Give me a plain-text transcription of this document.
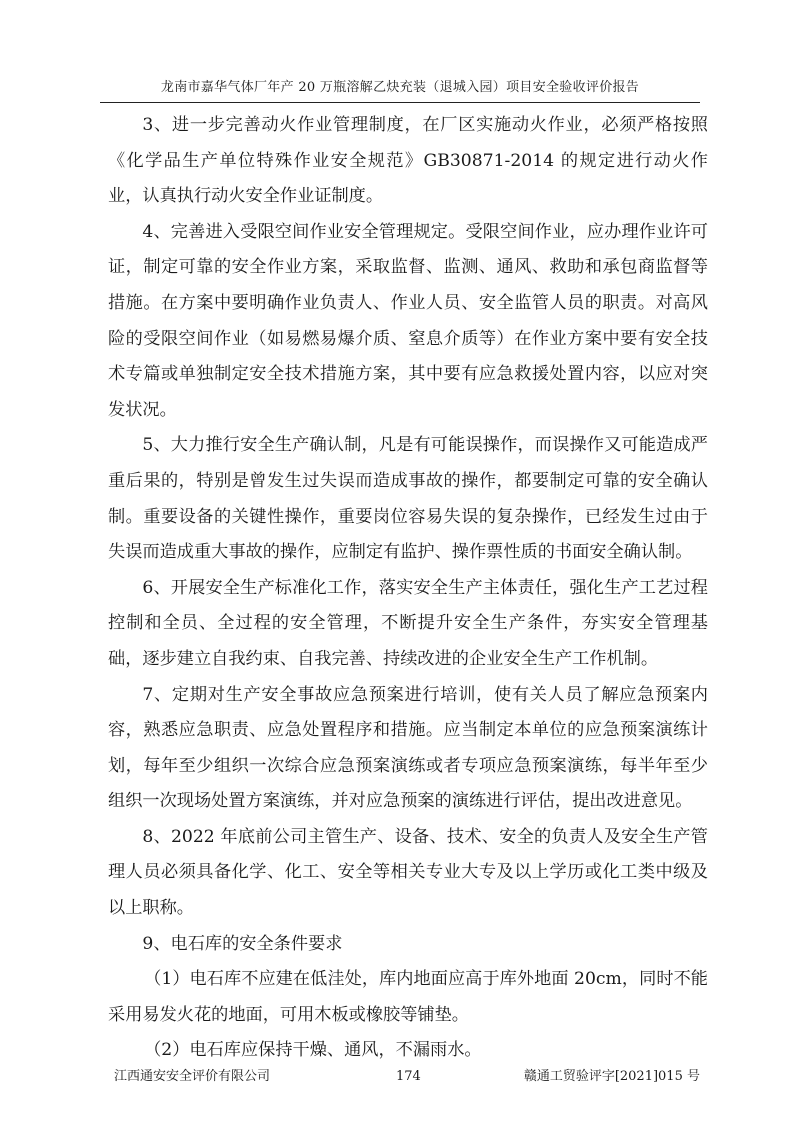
龙南市嘉华气体厂年产 20 万瓶溶解乙炔充装（退城入园）项目安全验收评价报告

3、进一步完善动火作业管理制度，在厂区实施动火作业，必须严格按照《化学品生产单位特殊作业安全规范》GB30871-2014 的规定进行动火作业，认真执行动火安全作业证制度。

4、完善进入受限空间作业安全管理规定。受限空间作业，应办理作业许可证，制定可靠的安全作业方案，采取监督、监测、通风、救助和承包商监督等措施。在方案中要明确作业负责人、作业人员、安全监管人员的职责。对高风险的受限空间作业（如易燃易爆介质、窒息介质等）在作业方案中要有安全技术专篇或单独制定安全技术措施方案，其中要有应急救援处置内容，以应对突发状况。

5、大力推行安全生产确认制，凡是有可能误操作，而误操作又可能造成严重后果的，特别是曾发生过失误而造成事故的操作，都要制定可靠的安全确认制。重要设备的关键性操作，重要岗位容易失误的复杂操作，已经发生过由于失误而造成重大事故的操作，应制定有监护、操作票性质的书面安全确认制。

6、开展安全生产标准化工作，落实安全生产主体责任，强化生产工艺过程控制和全员、全过程的安全管理，不断提升安全生产条件，夯实安全管理基础，逐步建立自我约束、自我完善、持续改进的企业安全生产工作机制。

7、定期对生产安全事故应急预案进行培训，使有关人员了解应急预案内容，熟悉应急职责、应急处置程序和措施。应当制定本单位的应急预案演练计划，每年至少组织一次综合应急预案演练或者专项应急预案演练，每半年至少组织一次现场处置方案演练，并对应急预案的演练进行评估，提出改进意见。

8、2022 年底前公司主管生产、设备、技术、安全的负责人及安全生产管理人员必须具备化学、化工、安全等相关专业大专及以上学历或化工类中级及以上职称。

9、电石库的安全条件要求

（1）电石库不应建在低洼处，库内地面应高于库外地面 20cm，同时不能采用易发火花的地面，可用木板或橡胶等铺垫。

（2）电石库应保持干燥、通风，不漏雨水。

江西通安安全评价有限公司	174	赣通工贸验评字[2021]015 号
